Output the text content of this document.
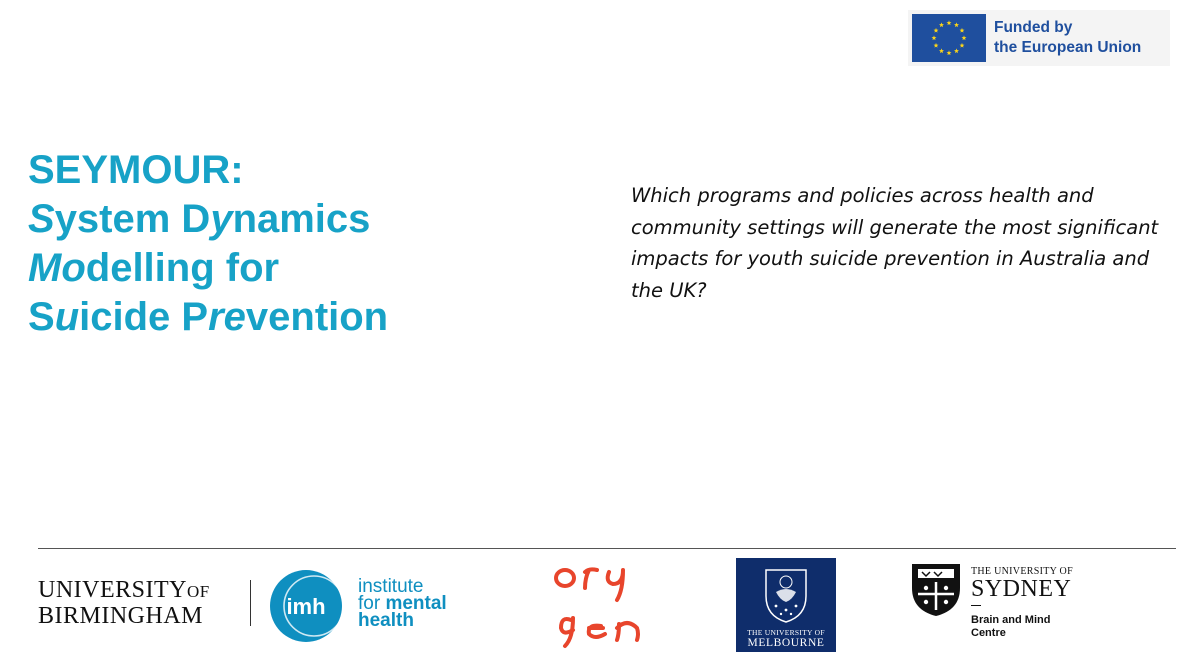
Funded by
the European Union
SEYMOUR:
System Dynamics
Modelling for
Suicide Prevention
Which programs and policies across health and community settings will generate the most significant impacts for youth suicide prevention in Australia and the UK?
UNIVERSITYOF
BIRMINGHAM	imh
institute
for mental
health
THE UNIVERSITY OF
MELBOURNE
THE UNIVERSITY OF
SYDNEY
Brain and Mind
Centre
